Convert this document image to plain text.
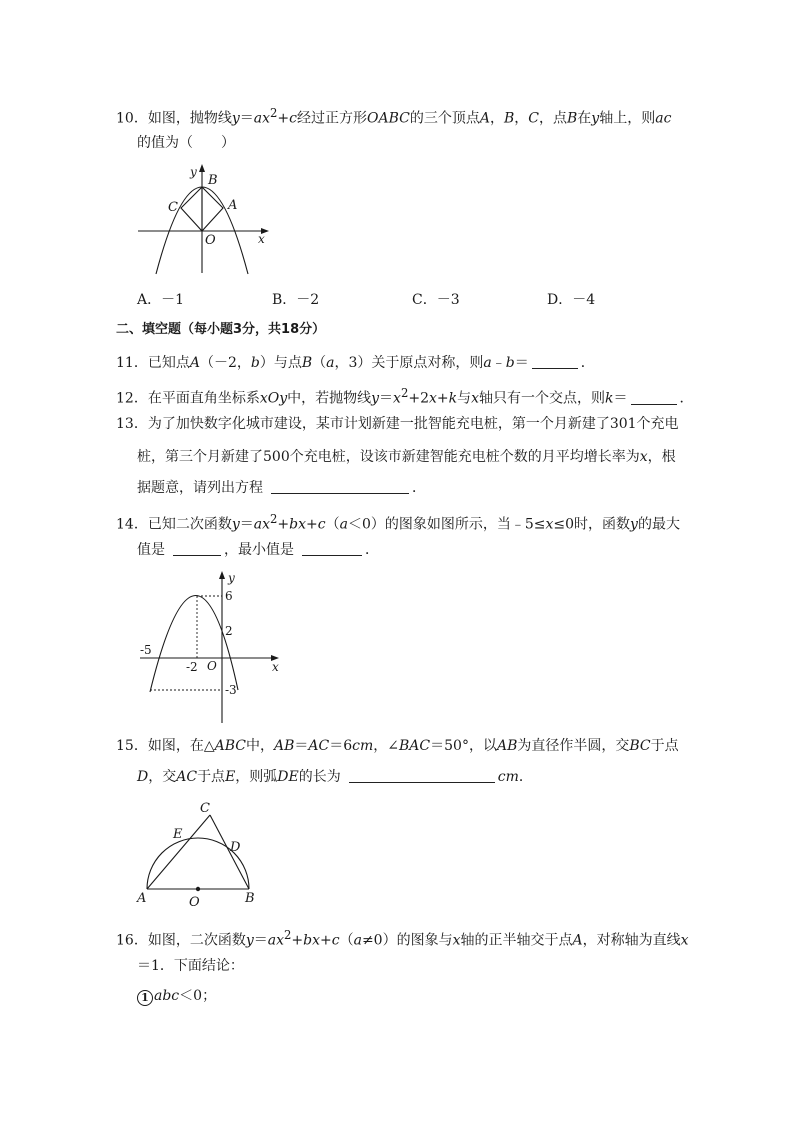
10．如图，抛物线$y=ax^2+c$经过正方形OABC的三个顶点A，B，C，点B在y轴上，则ac
的值为（　　）
y
x
B
C	A
O
A．－1	B．－2	C．－3	D．－4
二、填空题（每小题3分，共18分）
11．已知点A（－2，b）与点B（a，3）关于原点对称，则a﹣b＝	．
12．在平面直角坐标系xOy中，若抛物线$y=x^2+2x+k$与x轴只有一个交点，则k＝	．
13．为了加快数字化城市建设，某市计划新建一批智能充电桩，第一个月新建了301个充电
桩，第三个月新建了500个充电桩，设该市新建智能充电桩个数的月平均增长率为x，根
据题意，请列出方程	．
14．已知二次函数$y=ax^2+bx+c(a<0)$的图象如图所示，当﹣5≤x≤0时，函数y的最大
值是	，最小值是	．
y
x
6
2
-5
-2 O
-3
15．如图，在△ABC中，AB＝AC＝6cm，∠BAC＝50°，以AB为直径作半圆，交BC于点
D，交AC于点E，则弧DE的长为	cm．
C
E
D
A	O	B
16．如图，二次函数$y=ax^2+bx+c(a\ne 0)$的图象与x轴的正半轴交于点A，对称轴为直线x
＝1．下面结论：
1 abc＜0；
